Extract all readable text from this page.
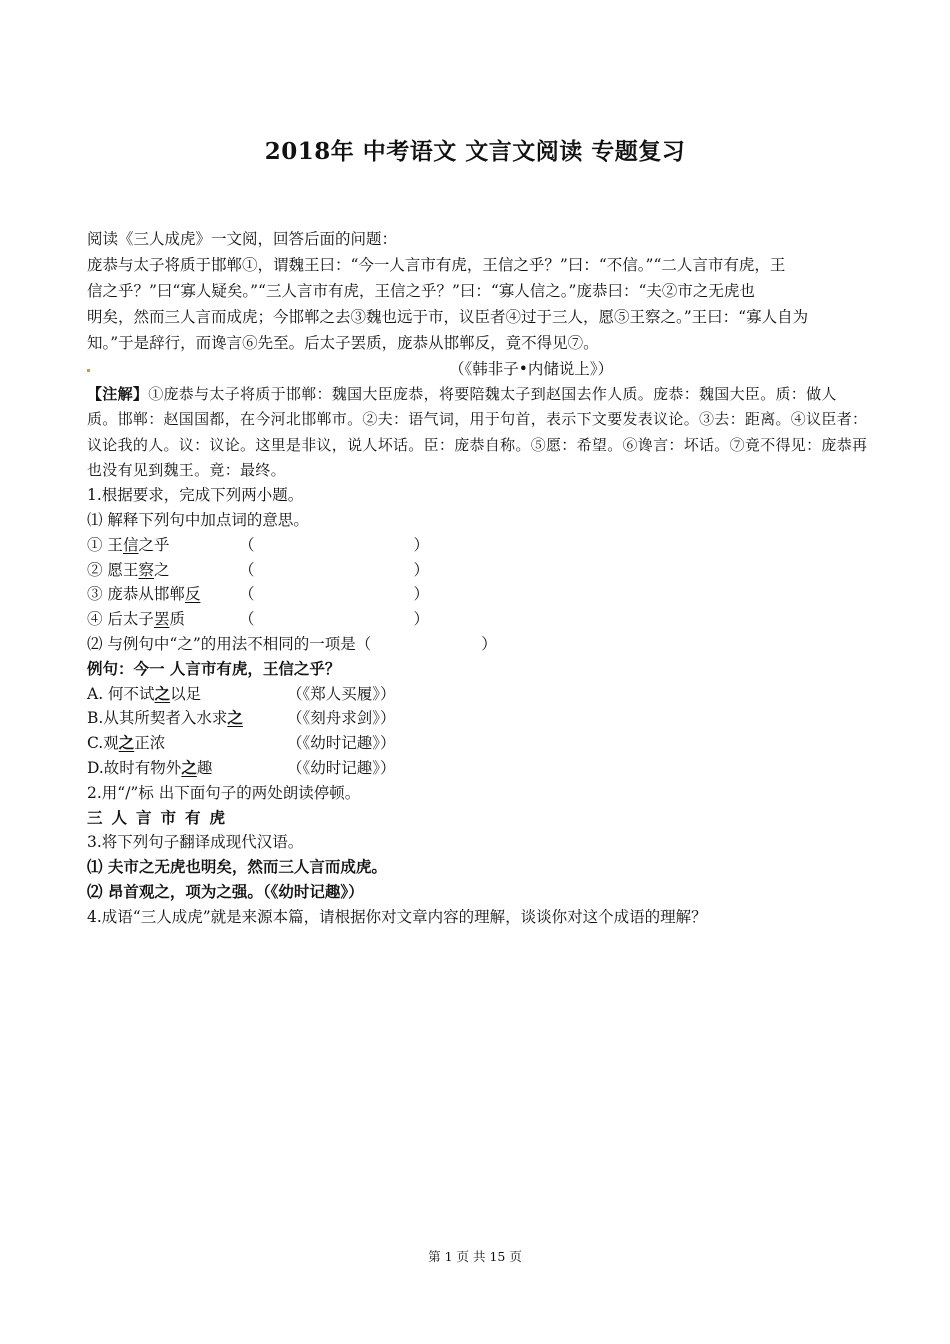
2018年 中考语文 文言文阅读 专题复习
阅读《三人成虎》一文阅，回答后面的问题：
庞恭与太子将质于邯郸①，谓魏王曰：“今一人言市有虎，王信之乎？”曰：“不信。”“二人言市有虎，王
信之乎？”曰“寡人疑矣。”“三人言市有虎，王信之乎？”曰：“寡人信之。”庞恭曰：“夫②市之无虎也
明矣，然而三人言而成虎；今邯郸之去③魏也远于市，议臣者④过于三人，愿⑤王察之。”王曰：“寡人自为
知。”于是辞行，而谗言⑥先至。后太子罢质，庞恭从邯郸反，竟不得见⑦。
（《韩非子•内储说上》）
【注解】①庞恭与太子将质于邯郸：魏国大臣庞恭，将要陪魏太子到赵国去作人质。庞恭：魏国大臣。质：做人
质。邯郸：赵国国都，在今河北邯郸市。②夫：语气词，用于句首，表示下文要发表议论。③去：距离。④议臣者：
议论我的人。议：议论。这里是非议，说人坏话。臣：庞恭自称。⑤愿：希望。⑥谗言：坏话。⑦竟不得见：庞恭再
也没有见到魏王。竟：最终。
1.根据要求，完成下列两小题。
⑴ 解释下列句中加点词的意思。
① 王信之乎	（	）
② 愿王察之	（	）
③ 庞恭从邯郸反	（	）
④ 后太子罢质	（	）
⑵ 与例句中“之”的用法不相同的一项是（	）
例句：今一 人言市有虎，王信之乎？
A. 何不试之以足	（《郑人买履》）
B.从其所契者入水求之	（《刻舟求剑》）
C.观之正浓	（《幼时记趣》）
D.故时有物外之趣	（《幼时记趣》）
2.用“/”标 出下面句子的两处朗读停顿。
三人言市有虎
3.将下列句子翻译成现代汉语。
⑴ 夫市之无虎也明矣，然而三人言而成虎。
⑵ 昂首观之，项为之强。（《幼时记趣》）
4.成语“三人成虎”就是来源本篇，请根据你对文章内容的理解，谈谈你对这个成语的理解？
第 1 页 共 15 页
